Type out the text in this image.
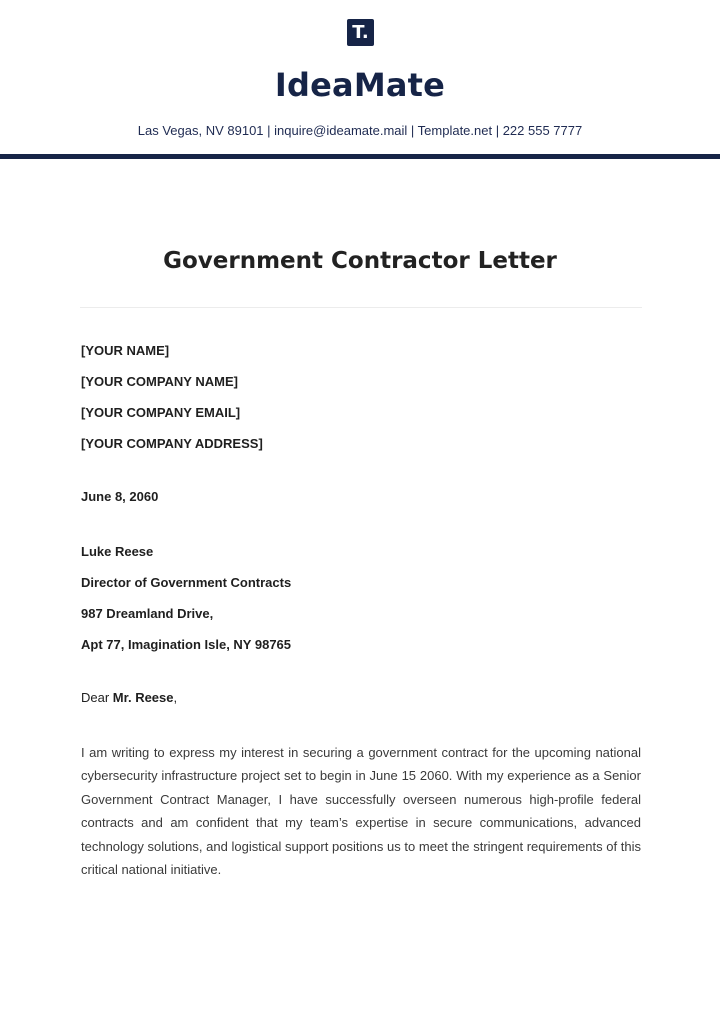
T.
IdeaMate
Las Vegas, NV 89101 | inquire@ideamate.mail | Template.net | 222 555 7777
Government Contractor Letter
[YOUR NAME]
[YOUR COMPANY NAME]
[YOUR COMPANY EMAIL]
[YOUR COMPANY ADDRESS]
June 8, 2060
Luke Reese
Director of Government Contracts
987 Dreamland Drive,
Apt 77, Imagination Isle, NY 98765
Dear Mr. Reese,
I am writing to express my interest in securing a government contract for the upcoming national cybersecurity infrastructure project set to begin in June 15 2060. With my experience as a Senior Government Contract Manager, I have successfully overseen numerous high-profile federal contracts and am confident that my team’s expertise in secure communications, advanced technology solutions, and logistical support positions us to meet the stringent requirements of this critical national initiative.
